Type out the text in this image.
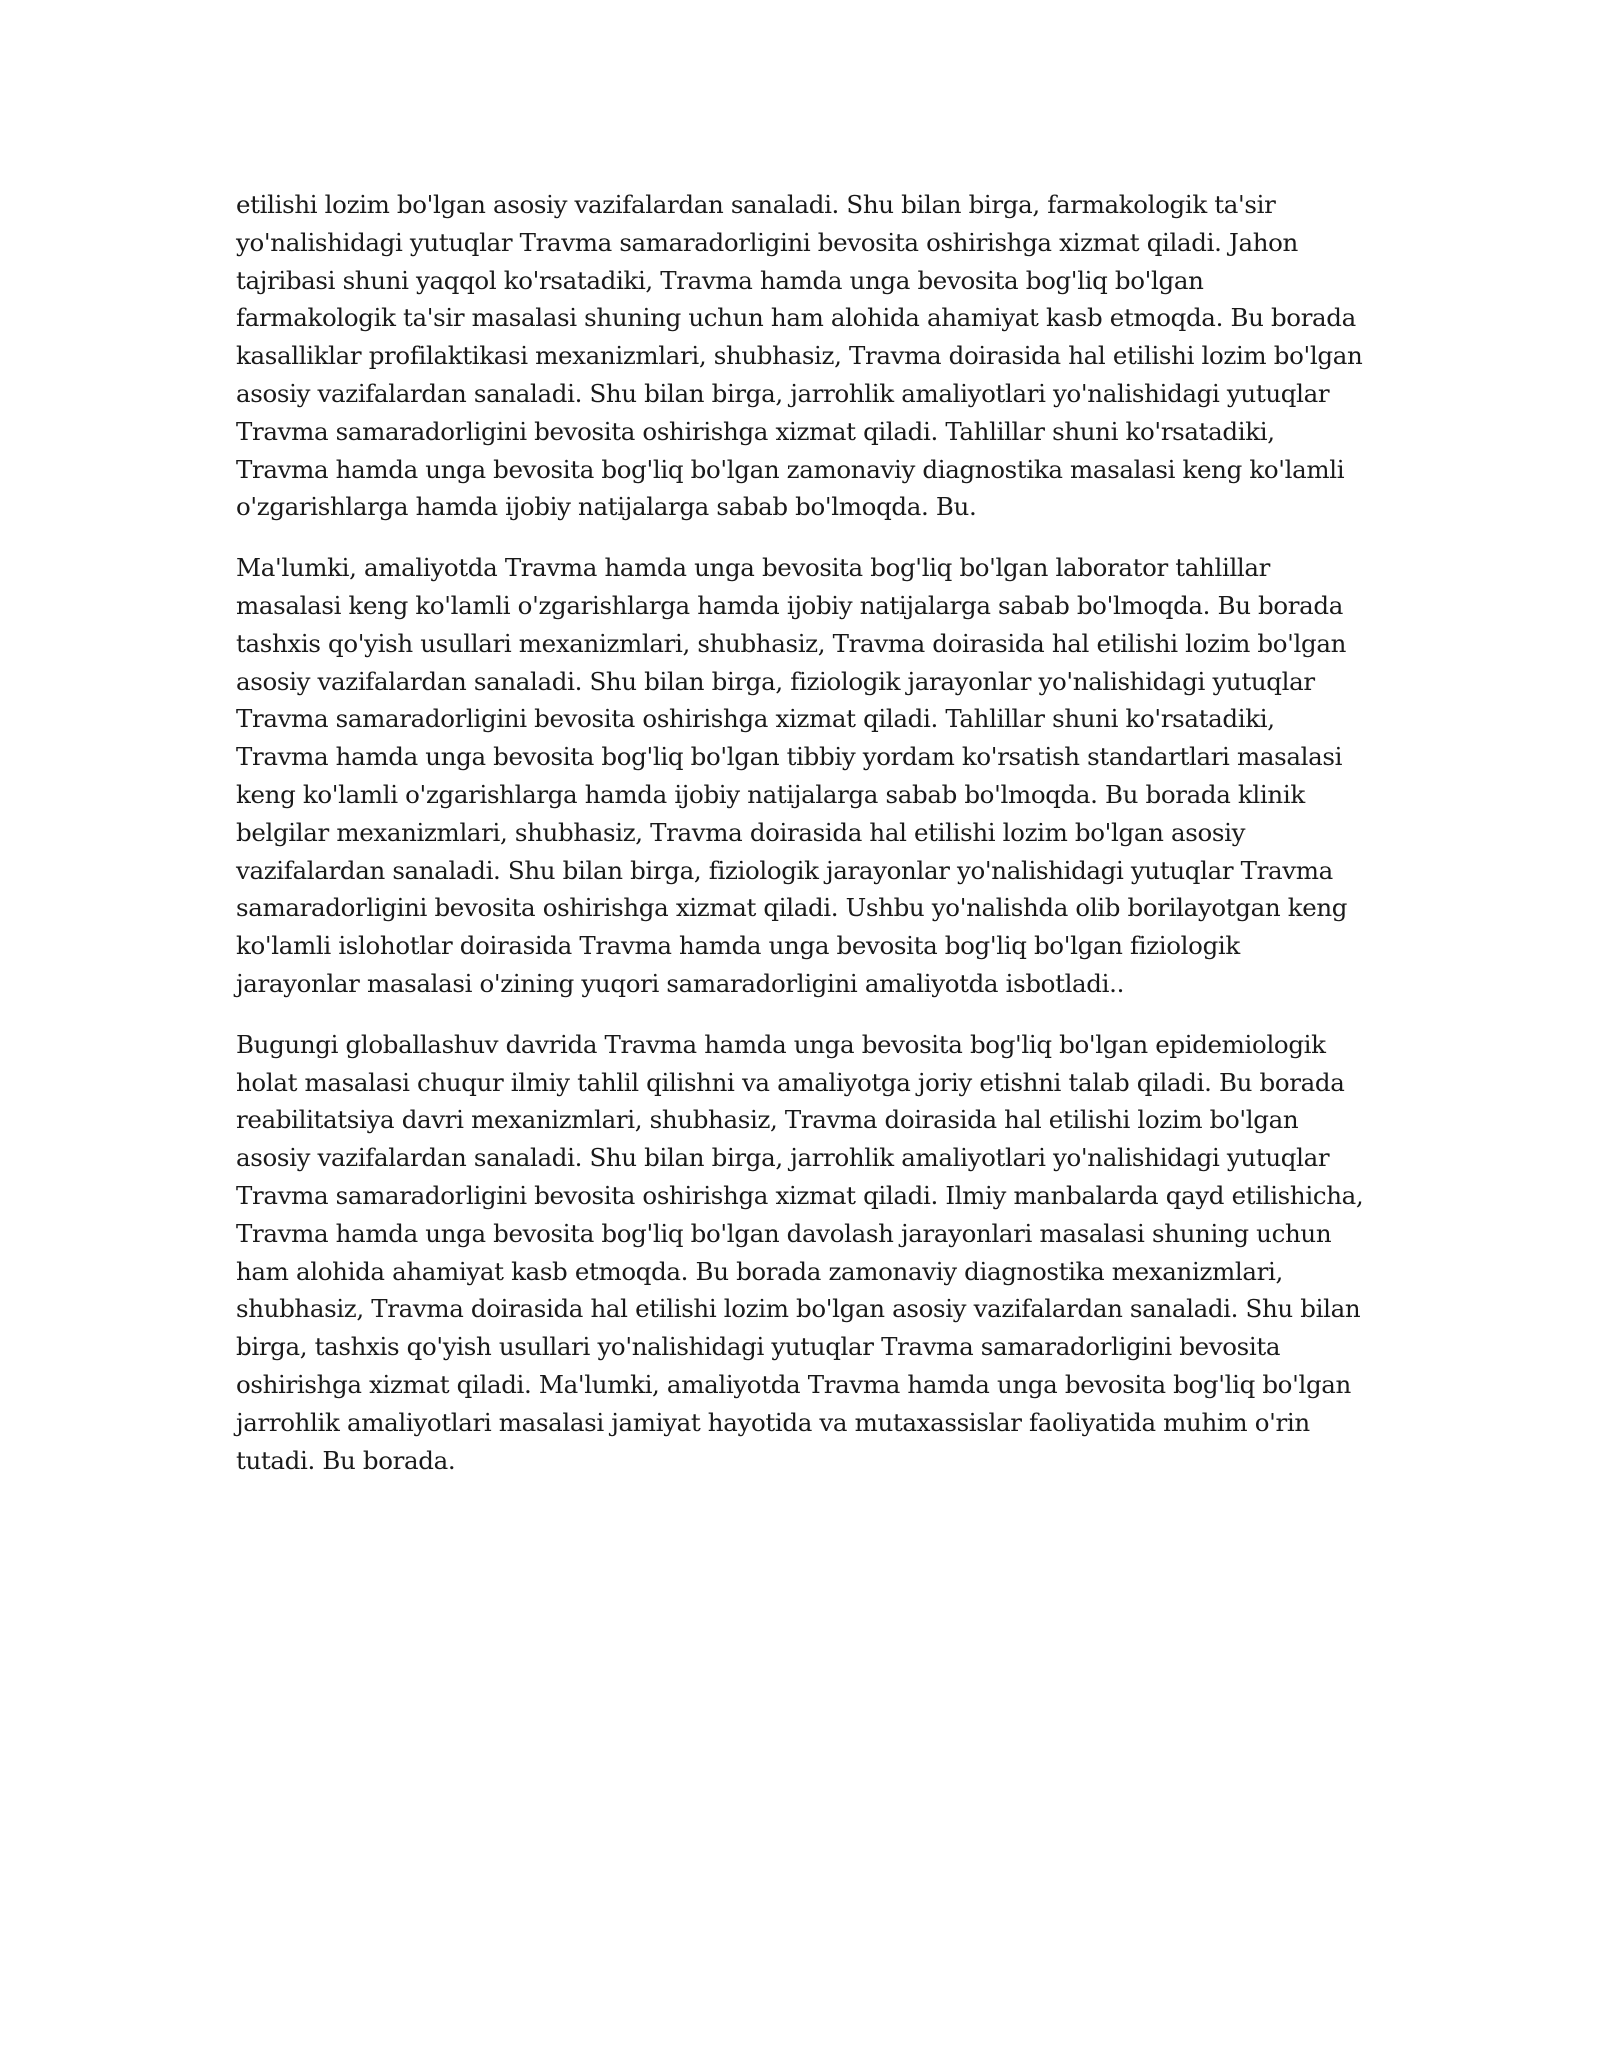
etilishi lozim bo'lgan asosiy vazifalardan sanaladi. Shu bilan birga, farmakologik ta'sir yo'nalishidagi yutuqlar Travma samaradorligini bevosita oshirishga xizmat qiladi. Jahon tajribasi shuni yaqqol ko'rsatadiki, Travma hamda unga bevosita bog'liq bo'lgan farmakologik ta'sir masalasi shuning uchun ham alohida ahamiyat kasb etmoqda. Bu borada kasalliklar profilaktikasi mexanizmlari, shubhasiz, Travma doirasida hal etilishi lozim bo'lgan asosiy vazifalardan sanaladi. Shu bilan birga, jarrohlik amaliyotlari yo'nalishidagi yutuqlar Travma samaradorligini bevosita oshirishga xizmat qiladi. Tahlillar shuni ko'rsatadiki, Travma hamda unga bevosita bog'liq bo'lgan zamonaviy diagnostika masalasi keng ko'lamli o'zgarishlarga hamda ijobiy natijalarga sabab bo'lmoqda. Bu.

Ma'lumki, amaliyotda Travma hamda unga bevosita bog'liq bo'lgan laborator tahlillar masalasi keng ko'lamli o'zgarishlarga hamda ijobiy natijalarga sabab bo'lmoqda. Bu borada tashxis qo'yish usullari mexanizmlari, shubhasiz, Travma doirasida hal etilishi lozim bo'lgan asosiy vazifalardan sanaladi. Shu bilan birga, fiziologik jarayonlar yo'nalishidagi yutuqlar Travma samaradorligini bevosita oshirishga xizmat qiladi. Tahlillar shuni ko'rsatadiki, Travma hamda unga bevosita bog'liq bo'lgan tibbiy yordam ko'rsatish standartlari masalasi keng ko'lamli o'zgarishlarga hamda ijobiy natijalarga sabab bo'lmoqda. Bu borada klinik belgilar mexanizmlari, shubhasiz, Travma doirasida hal etilishi lozim bo'lgan asosiy vazifalardan sanaladi. Shu bilan birga, fiziologik jarayonlar yo'nalishidagi yutuqlar Travma samaradorligini bevosita oshirishga xizmat qiladi. Ushbu yo'nalishda olib borilayotgan keng ko'lamli islohotlar doirasida Travma hamda unga bevosita bog'liq bo'lgan fiziologik jarayonlar masalasi o'zining yuqori samaradorligini amaliyotda isbotladi..

Bugungi globallashuv davrida Travma hamda unga bevosita bog'liq bo'lgan epidemiologik holat masalasi chuqur ilmiy tahlil qilishni va amaliyotga joriy etishni talab qiladi. Bu borada reabilitatsiya davri mexanizmlari, shubhasiz, Travma doirasida hal etilishi lozim bo'lgan asosiy vazifalardan sanaladi. Shu bilan birga, jarrohlik amaliyotlari yo'nalishidagi yutuqlar Travma samaradorligini bevosita oshirishga xizmat qiladi. Ilmiy manbalarda qayd etilishicha, Travma hamda unga bevosita bog'liq bo'lgan davolash jarayonlari masalasi shuning uchun ham alohida ahamiyat kasb etmoqda. Bu borada zamonaviy diagnostika mexanizmlari, shubhasiz, Travma doirasida hal etilishi lozim bo'lgan asosiy vazifalardan sanaladi. Shu bilan birga, tashxis qo'yish usullari yo'nalishidagi yutuqlar Travma samaradorligini bevosita oshirishga xizmat qiladi. Ma'lumki, amaliyotda Travma hamda unga bevosita bog'liq bo'lgan jarrohlik amaliyotlari masalasi jamiyat hayotida va mutaxassislar faoliyatida muhim o'rin tutadi. Bu borada.
